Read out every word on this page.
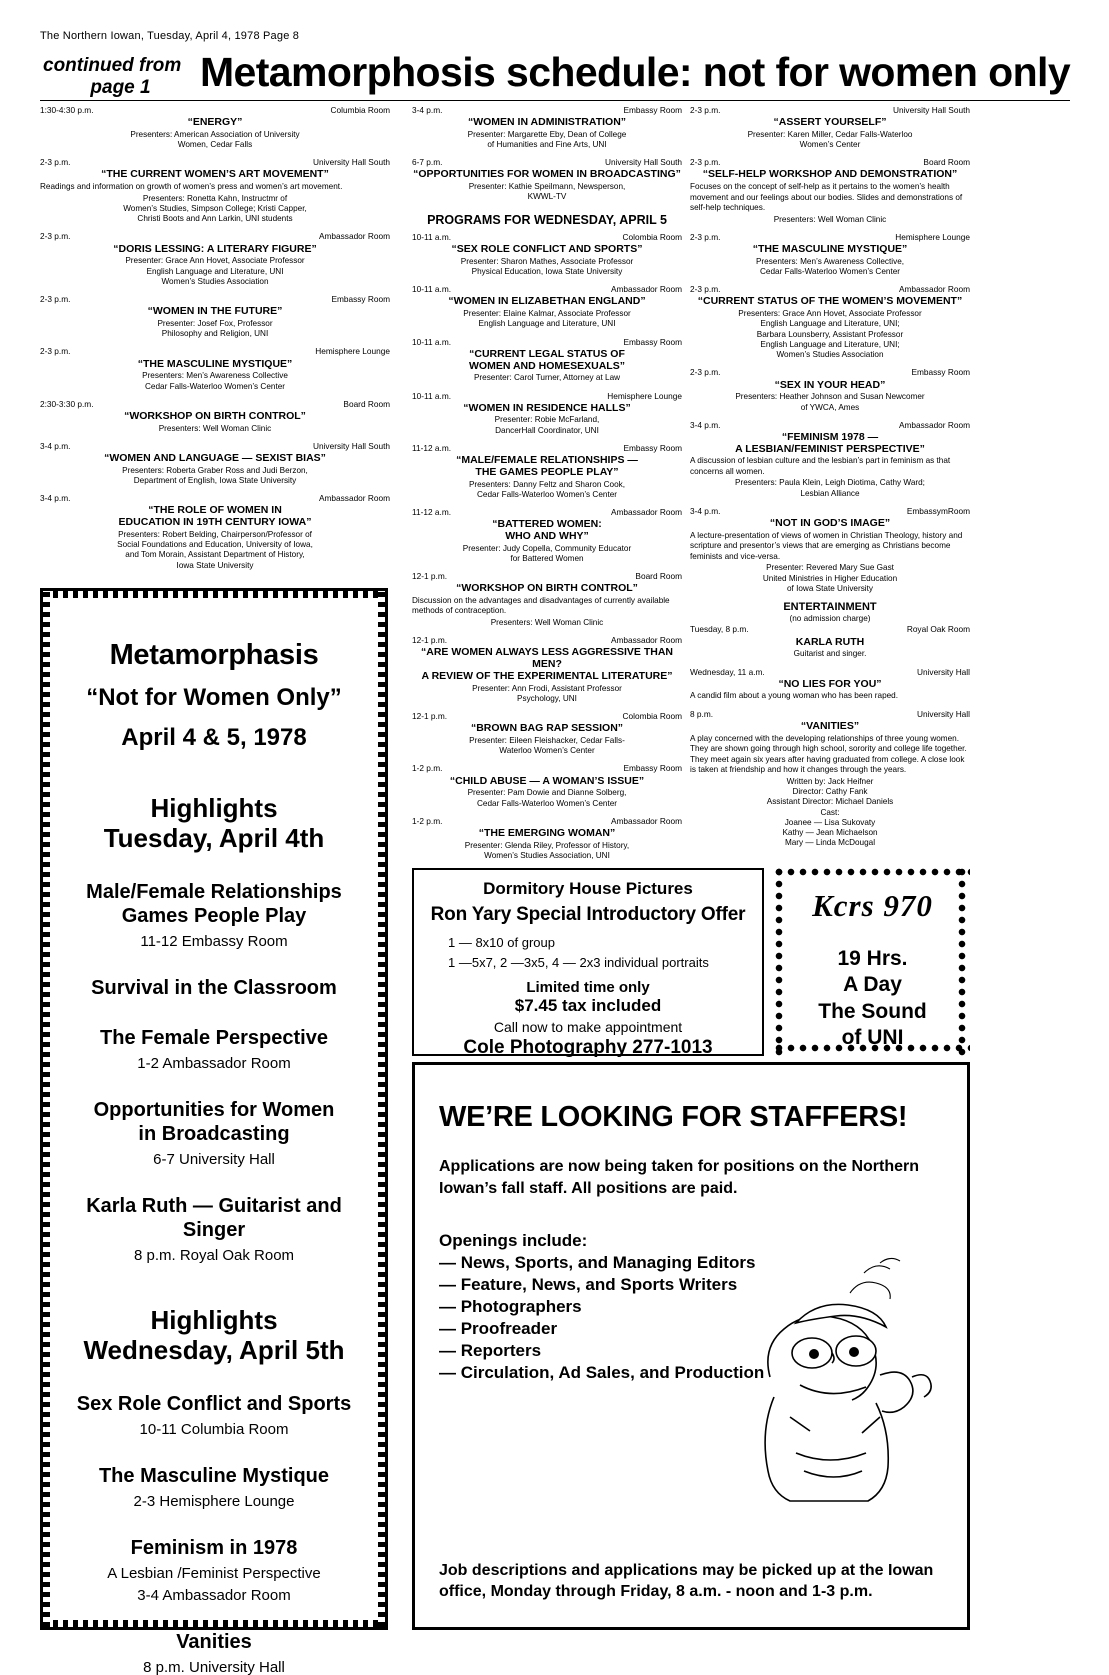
The Northern Iowan, Tuesday, April 4, 1978 Page 8
continued from
page 1	Metamorphosis schedule: not for women only
1:30-4:30 p.m.	Columbia Room
“ENERGY”
Presenters: American Association of University
Women, Cedar Falls
2-3 p.m.	University Hall South
“THE CURRENT WOMEN’S ART MOVEMENT”
Readings and information on growth of women’s press and women’s art movement.
Presenters: Ronetta Kahn, Instructmr of
Women’s Studies, Simpson College; Kristi Capper,
Christi Boots and Ann Larkin, UNI students
2-3 p.m.	Ambassador Room
“DORIS LESSING: A LITERARY FIGURE”
Presenter: Grace Ann Hovet, Associate Professor
English Language and Literature, UNI
Women’s Studies Association
2-3 p.m.	Embassy Room
“WOMEN IN THE FUTURE”
Presenter: Josef Fox, Professor
Philosophy and Religion, UNI
2-3 p.m.	Hemisphere Lounge
“THE MASCULINE MYSTIQUE”
Presenters: Men’s Awareness Collective
Cedar Falls-Waterloo Women’s Center
2:30-3:30 p.m.	Board Room
“WORKSHOP ON BIRTH CONTROL”
Presenters: Well Woman Clinic
3-4 p.m.	University Hall South
“WOMEN AND LANGUAGE — SEXIST BIAS”
Presenters: Roberta Graber Ross and Judi Berzon,
Department of English, Iowa State University
3-4 p.m.	Ambassador Room
“THE ROLE OF WOMEN IN
EDUCATION IN 19TH CENTURY IOWA”
Presenters: Robert Belding, Chairperson/Professor of
Social Foundations and Education, University of Iowa,
and Tom Morain, Assistant Department of History,
Iowa State University
3-4 p.m.	Embassy Room
“WOMEN IN ADMINISTRATION”
Presenter: Margarette Eby, Dean of College
of Humanities and Fine Arts, UNI
6-7 p.m.	University Hall South
“OPPORTUNITIES FOR WOMEN IN BROADCASTING”
Presenter: Kathie Speilmann, Newsperson,
KWWL-TV
PROGRAMS FOR WEDNESDAY, APRIL 5
10-11 a.m.	Colombia Room
“SEX ROLE CONFLICT AND SPORTS”
Presenter: Sharon Mathes, Associate Professor
Physical Education, Iowa State University
10-11 a.m.	Ambassador Room
“WOMEN IN ELIZABETHAN ENGLAND”
Presenter: Elaine Kalmar, Associate Professor
English Language and Literature, UNI
10-11 a.m.	Embassy Room
“CURRENT LEGAL STATUS OF
WOMEN AND HOMESEXUALS”
Presenter: Carol Turner, Attorney at Law
10-11 a.m.	Hemisphere Lounge
“WOMEN IN RESIDENCE HALLS”
Presenter: Robie McFarland,
DancerHall Coordinator, UNI
11-12 a.m.	Embassy Room
“MALE/FEMALE RELATIONSHIPS —
THE GAMES PEOPLE PLAY”
Presenters: Danny Feltz and Sharon Cook,
Cedar Falls-Waterloo Women’s Center
11-12 a.m.	Ambassador Room
“BATTERED WOMEN:
WHO AND WHY”
Presenter: Judy Copella, Community Educator
for Battered Women
12-1 p.m.	Board Room
“WORKSHOP ON BIRTH CONTROL”
Discussion on the advantages and disadvantages of currently available methods of contraception.
Presenters: Well Woman Clinic
12-1 p.m.	Ambassador Room
“ARE WOMEN ALWAYS LESS AGGRESSIVE THAN MEN?
A REVIEW OF THE EXPERIMENTAL LITERATURE”
Presenter: Ann Frodi, Assistant Professor
Psychology, UNI
12-1 p.m.	Colombia Room
“BROWN BAG RAP SESSION”
Presenter: Eileen Fleishacker, Cedar Falls-
Waterloo Women’s Center
1-2 p.m.	Embassy Room
“CHILD ABUSE — A WOMAN’S ISSUE”
Presenter: Pam Dowie and Dianne Solberg,
Cedar Falls-Waterloo Women’s Center
1-2 p.m.	Ambassador Room
“THE EMERGING WOMAN”
Presenter: Glenda Riley, Professor of History,
Women’s Studies Association, UNI
2-3 p.m.	University Hall South
“ASSERT YOURSELF”
Presenter: Karen Miller, Cedar Falls-Waterloo
Women’s Center
2-3 p.m.	Board Room
“SELF-HELP WORKSHOP AND DEMONSTRATION”
Focuses on the concept of self-help as it pertains to the women’s health movement and our feelings about our bodies. Slides and demonstrations of self-help techniques.
Presenters: Well Woman Clinic
2-3 p.m.	Hemisphere Lounge
“THE MASCULINE MYSTIQUE”
Presenters: Men’s Awareness Collective,
Cedar Falls-Waterloo Women’s Center
2-3 p.m.	Ambassador Room
“CURRENT STATUS OF THE WOMEN’S MOVEMENT”
Presenters: Grace Ann Hovet, Associate Professor
English Language and Literature, UNI;
Barbara Lounsberry, Assistant Professor
English Language and Literature, UNI;
Women’s Studies Association
2-3 p.m.	Embassy Room
“SEX IN YOUR HEAD”
Presenters: Heather Johnson and Susan Newcomer
of YWCA, Ames
3-4 p.m.	Ambassador Room
“FEMINISM 1978 —
A LESBIAN/FEMINIST PERSPECTIVE”
A discussion of lesbian culture and the lesbian’s part in feminism as that concerns all women.
Presenters: Paula Klein, Leigh Diotima, Cathy Ward;
Lesbian Alliance
3-4 p.m.	EmbassymRoom
“NOT IN GOD’S IMAGE”
A lecture-presentation of views of women in Christian Theology, history and scripture and presentor’s views that are emerging as Christians become feminists and vice-versa.
Presenter: Revered Mary Sue Gast
United Ministries in Higher Education
of Iowa State University
ENTERTAINMENT
(no admission charge)
Tuesday, 8 p.m.	Royal Oak Room
KARLA RUTH
Guitarist and singer.
Wednesday, 11 a.m.	University Hall
“NO LIES FOR YOU”
A candid film about a young woman who has been raped.
8 p.m.	University Hall
“VANITIES”
A play concerned with the developing relationships of three young women. They are shown going through high school, sorority and college life together. They meet again six years after having graduated from college. A close look is taken at friendship and how it changes through the years.
Written by: Jack Heifner
Director: Cathy Fank
Assistant Director: Michael Daniels
Cast:
Joanee — Lisa Sukovaty
Kathy — Jean Michaelson
Mary — Linda McDougal
Metamorphasis
“Not for Women Only”
April 4 & 5, 1978
Highlights
Tuesday, April 4th
Male/Female Relationships
Games People Play
11-12 Embassy Room
Survival in the Classroom
The Female Perspective
1-2 Ambassador Room
Opportunities for Women
in Broadcasting
6-7 University Hall
Karla Ruth — Guitarist and Singer
8 p.m. Royal Oak Room
Highlights
Wednesday, April 5th
Sex Role Conflict and Sports
10-11 Columbia Room
The Masculine Mystique
2-3 Hemisphere Lounge
Feminism in 1978
A Lesbian /Feminist Perspective
3-4 Ambassador Room
Vanities
8 p.m. University Hall
Dormitory House Pictures
Ron Yary Special Introductory Offer
1 — 8x10 of group
1 —5x7, 2 —3x5, 4 — 2x3 individual portraits
Limited time only
$7.45 tax included
Call now to make appointment
Cole Photography 277-1013
Kcrs 970
19 Hrs.
A Day
The Sound
of UNI
WE’RE LOOKING FOR STAFFERS!
Applications are now being taken for positions on the Northern Iowan’s fall staff. All positions are paid.
Openings include:
— News, Sports, and Managing Editors
— Feature, News, and Sports Writers
— Photographers
— Proofreader
— Reporters
— Circulation, Ad Sales, and Production
Job descriptions and applications may be picked up at the Iowan office, Monday through Friday, 8 a.m. - noon and 1-3 p.m.
